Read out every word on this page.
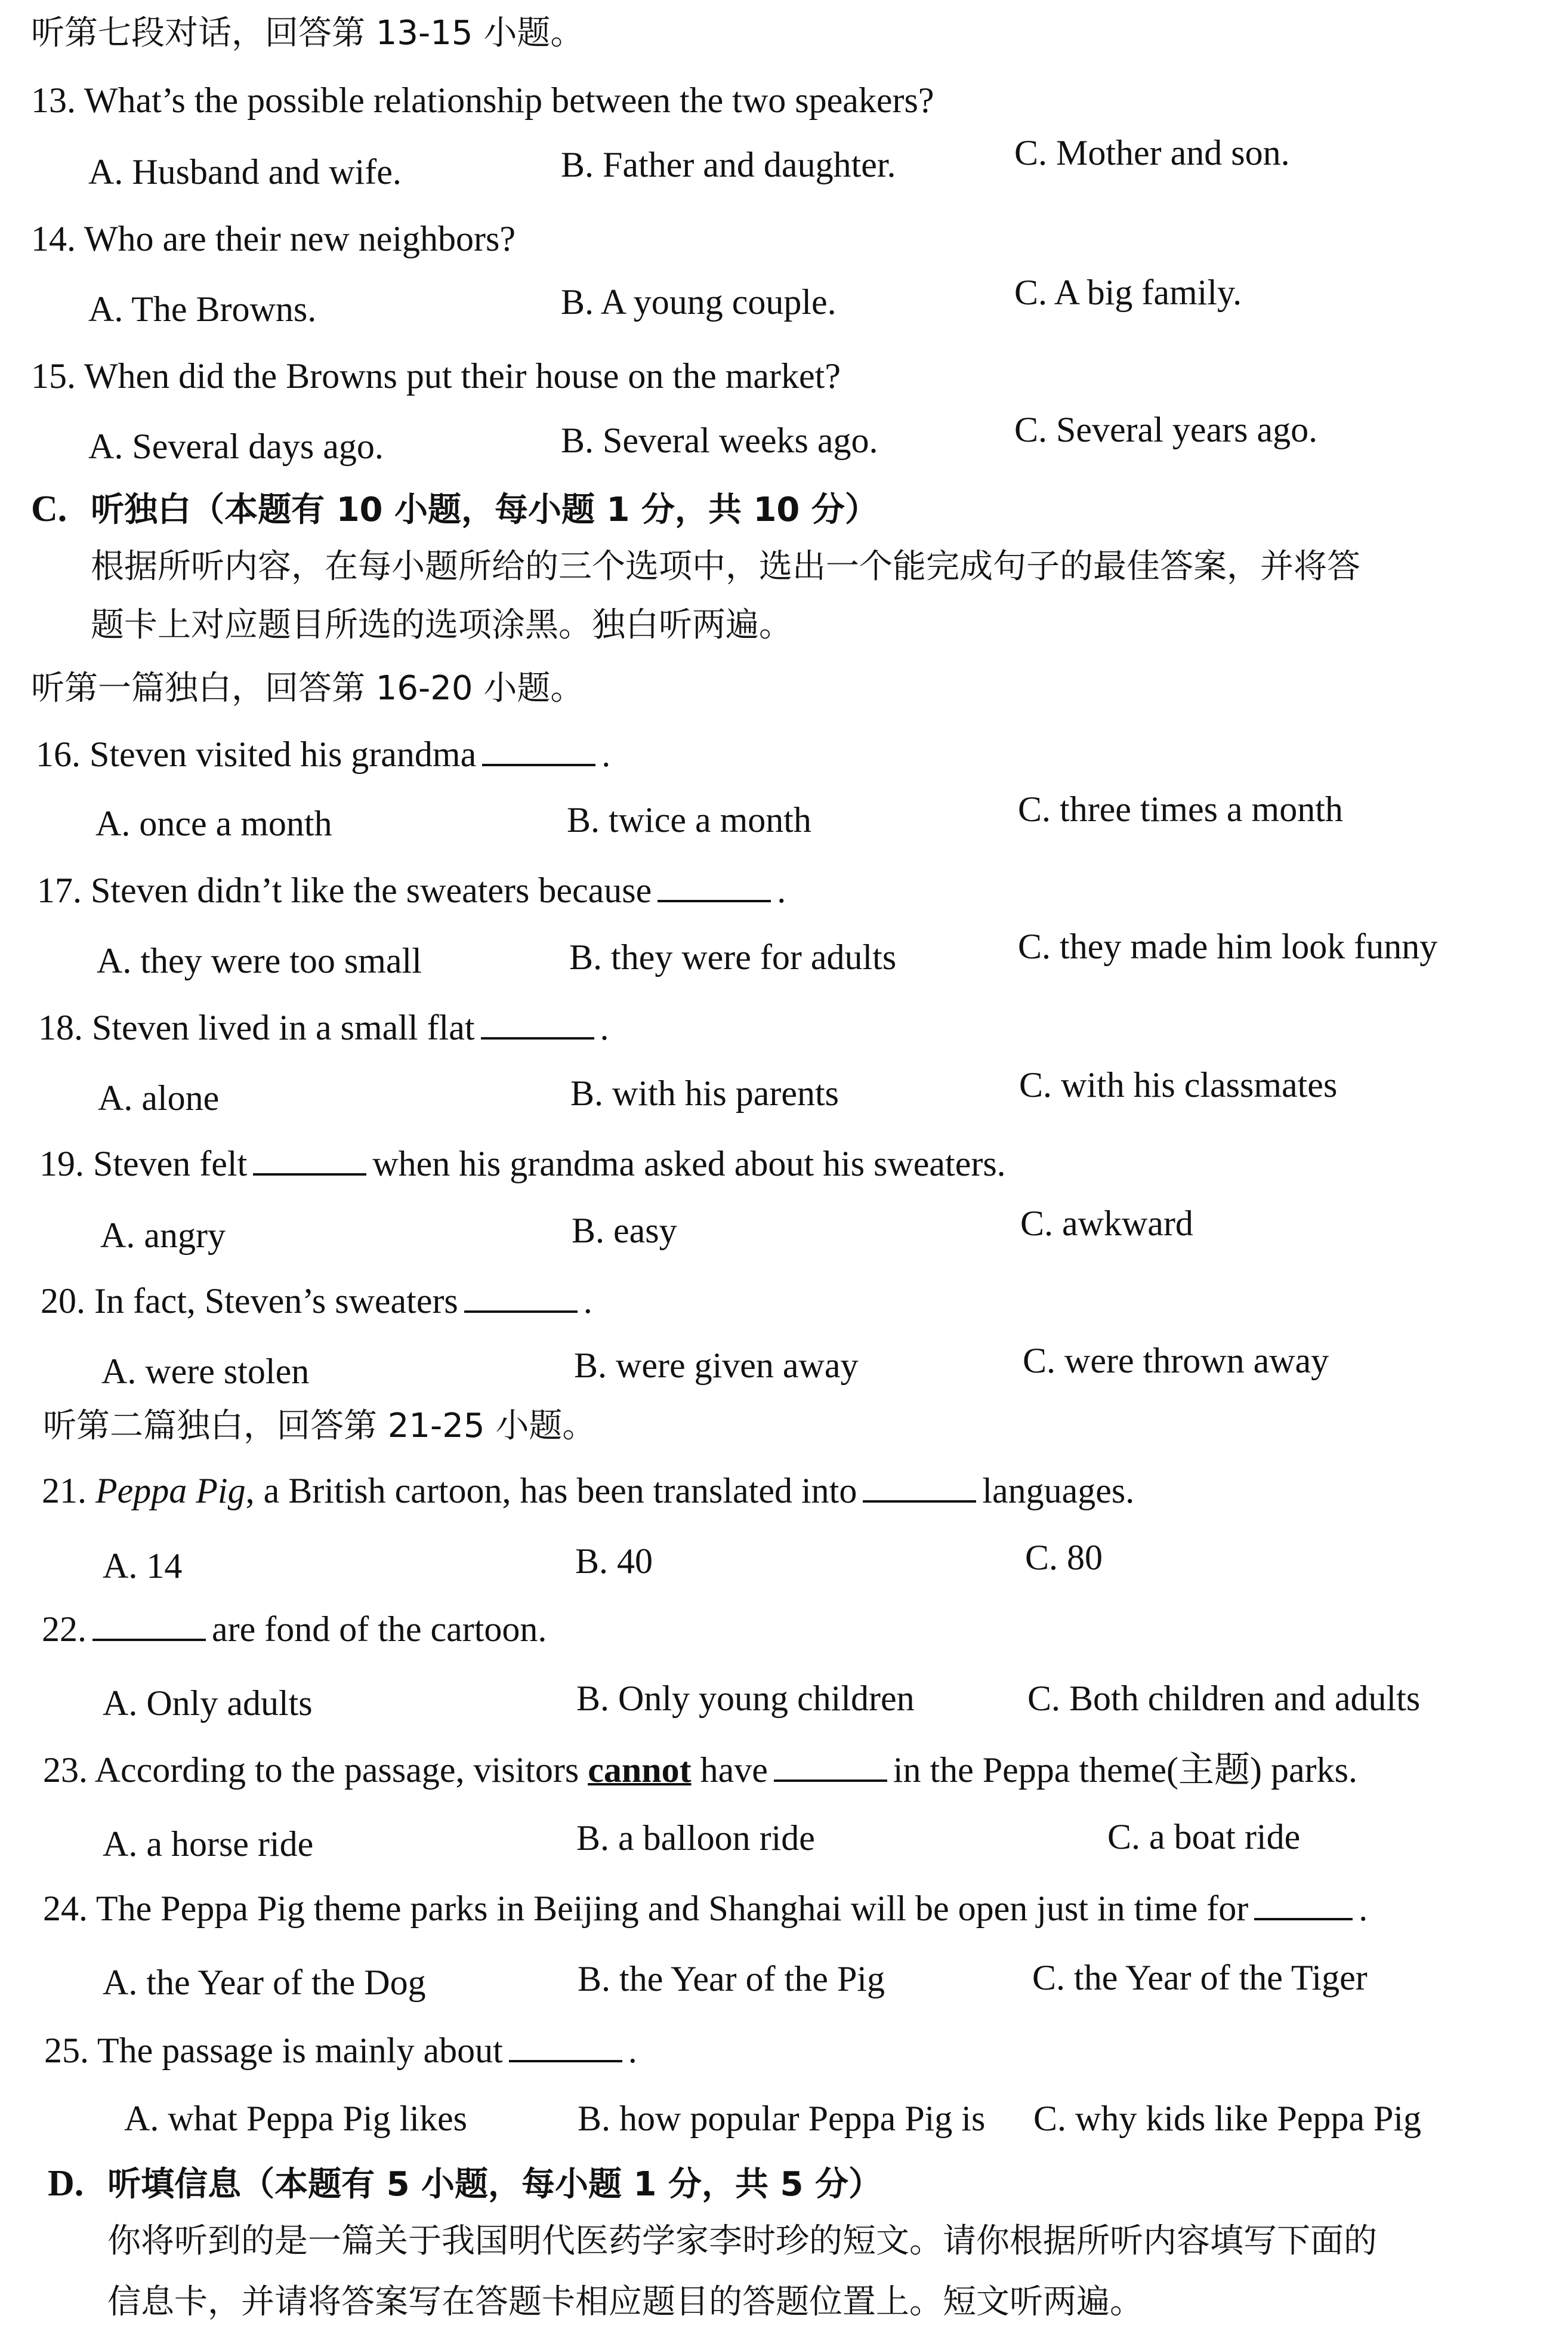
听第七段对话，回答第 13-15 小题。
13. What’s the possible relationship between the two speakers?
A. Husband and wife.	B. Father and daughter.	C. Mother and son.
14. Who are their new neighbors?
A. The Browns.	B. A young couple.	C. A big family.
15. When did the Browns put their house on the market?
A. Several days ago.	B. Several weeks ago.	C. Several years ago.
C. 听独白（本题有 10 小题，每小题 1 分，共 10 分）
根据所听内容，在每小题所给的三个选项中，选出一个能完成句子的最佳答案，并将答
题卡上对应题目所选的选项涂黑。独白听两遍。
听第一篇独白，回答第 16-20 小题。
16. Steven visited his grandma	.
A. once a month	B. twice a month	C. three times a month
17. Steven didn’t like the sweaters because	.
A. they were too small	B. they were for adults	C. they made him look funny
18. Steven lived in a small flat	.
A. alone	B. with his parents	C. with his classmates
19. Steven felt	when his grandma asked about his sweaters.
A. angry	B. easy	C. awkward
20. In fact, Steven’s sweaters	.
A. were stolen	B. were given away	C. were thrown away
听第二篇独白，回答第 21-25 小题。
21. Peppa Pig, a British cartoon, has been translated into	languages.
A. 14	B. 40	C. 80
22.	are fond of the cartoon.
A. Only adults	B. Only young children	C. Both children and adults
23. According to the passage, visitors cannot have	in the Peppa theme(主题) parks.
A. a horse ride	B. a balloon ride	C. a boat ride
24. The Peppa Pig theme parks in Beijing and Shanghai will be open just in time for	.
A. the Year of the Dog	B. the Year of the Pig	C. the Year of the Tiger
25. The passage is mainly about	.
A. what Peppa Pig likes	B. how popular Peppa Pig is C. why kids like Peppa Pig
D. 听填信息（本题有 5 小题，每小题 1 分，共 5 分）
你将听到的是一篇关于我国明代医药学家李时珍的短文。请你根据所听内容填写下面的
信息卡，并请将答案写在答题卡相应题目的答题位置上。短文听两遍。
